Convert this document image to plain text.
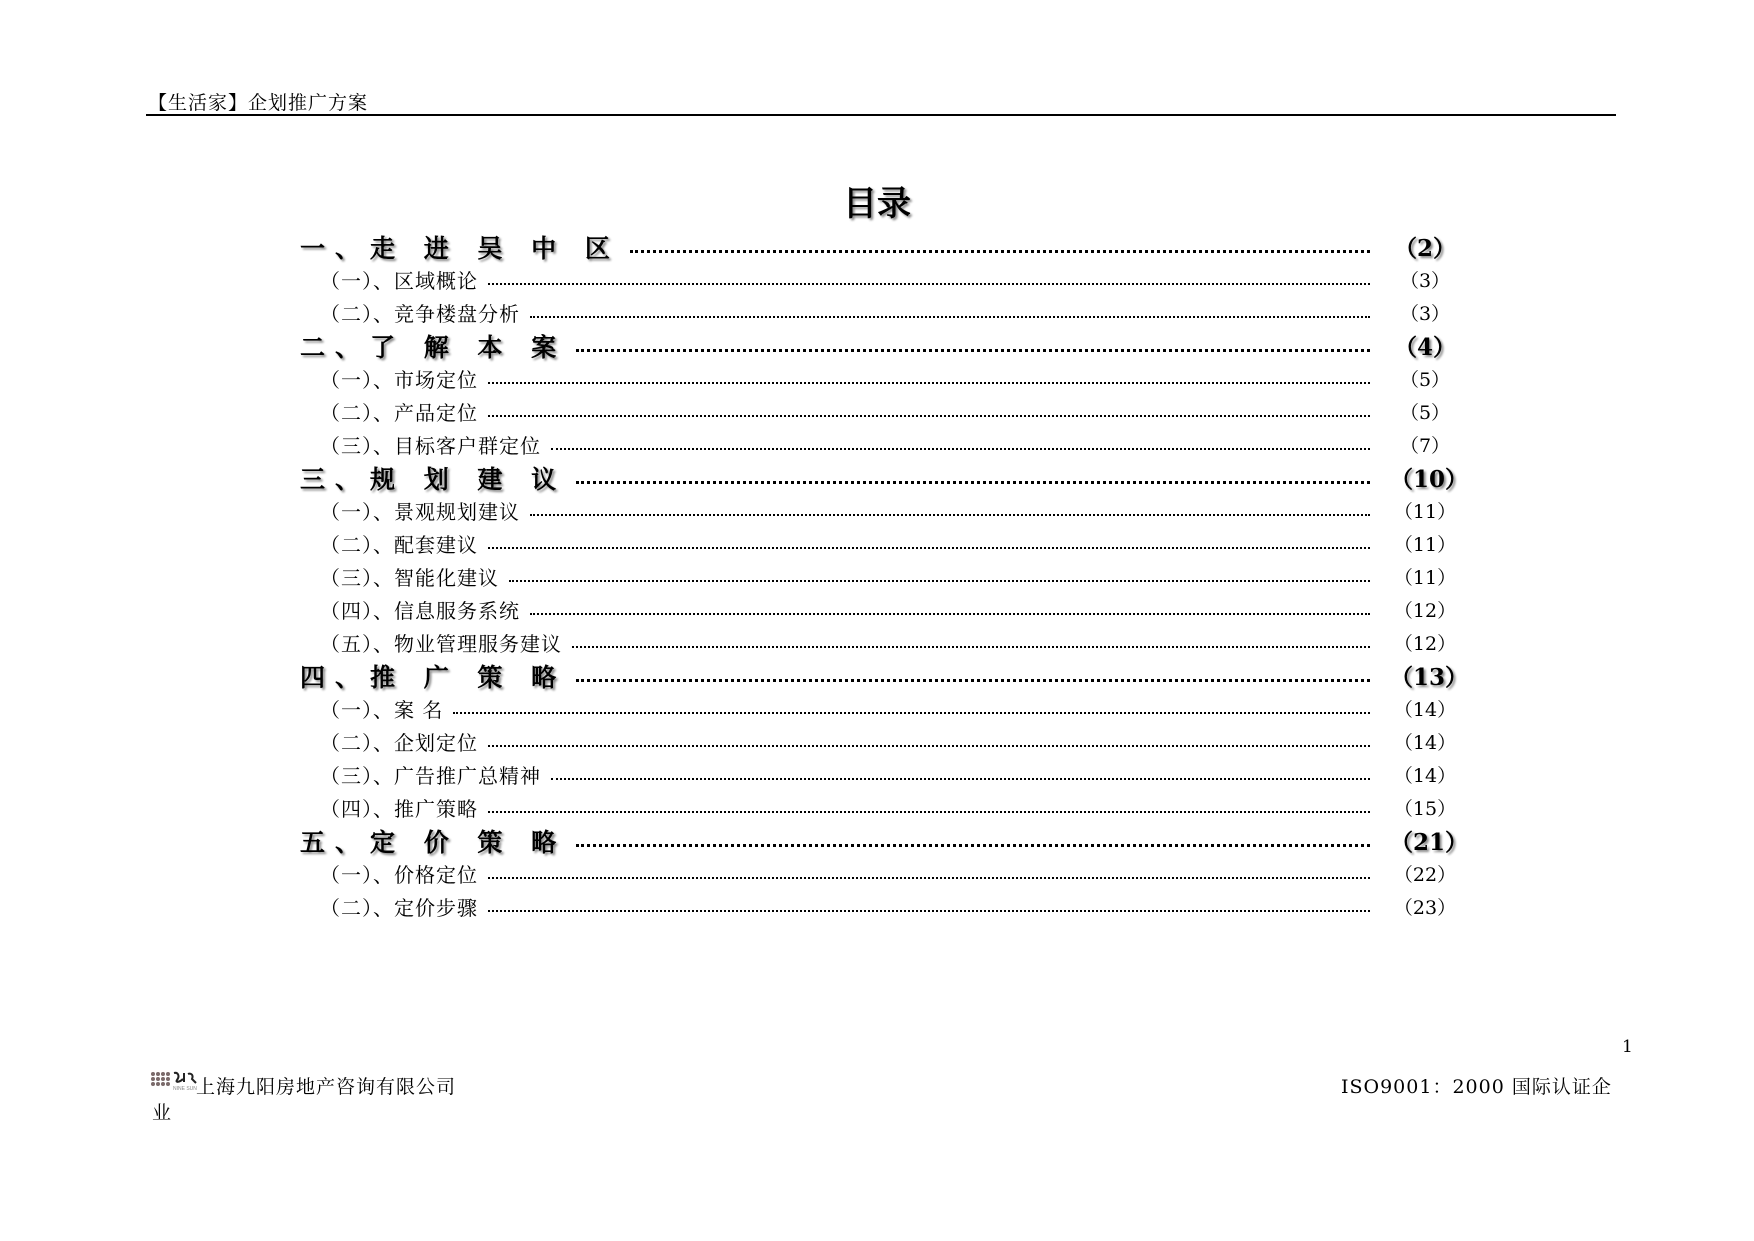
【生活家】企划推广方案
目录
一、走 进 吴 中 区	（2）
（一）、区域概论	（3）
（二）、竞争楼盘分析	（3）
二、了 解 本 案	（4）
（一）、市场定位	（5）
（二）、产品定位	（5）
（三）、目标客户群定位	（7）
三、规 划 建 议	（10）
（一）、景观规划建议	（11）
（二）、配套建议	（11）
（三）、智能化建议	（11）
（四）、信息服务系统	（12）
（五）、物业管理服务建议	（12）
四、推 广 策 略	（13）
（一）、案 名	（14）
（二）、企划定位	（14）
（三）、广告推广总精神	（14）
（四）、推广策略	（15）
五、定 价 策 略	（21）
（一）、价格定位	（22）
（二）、定价步骤	（23）
1
NINE SUN 上海九阳房地产咨询有限公司	ISO9001：2000 国际认证企
业
